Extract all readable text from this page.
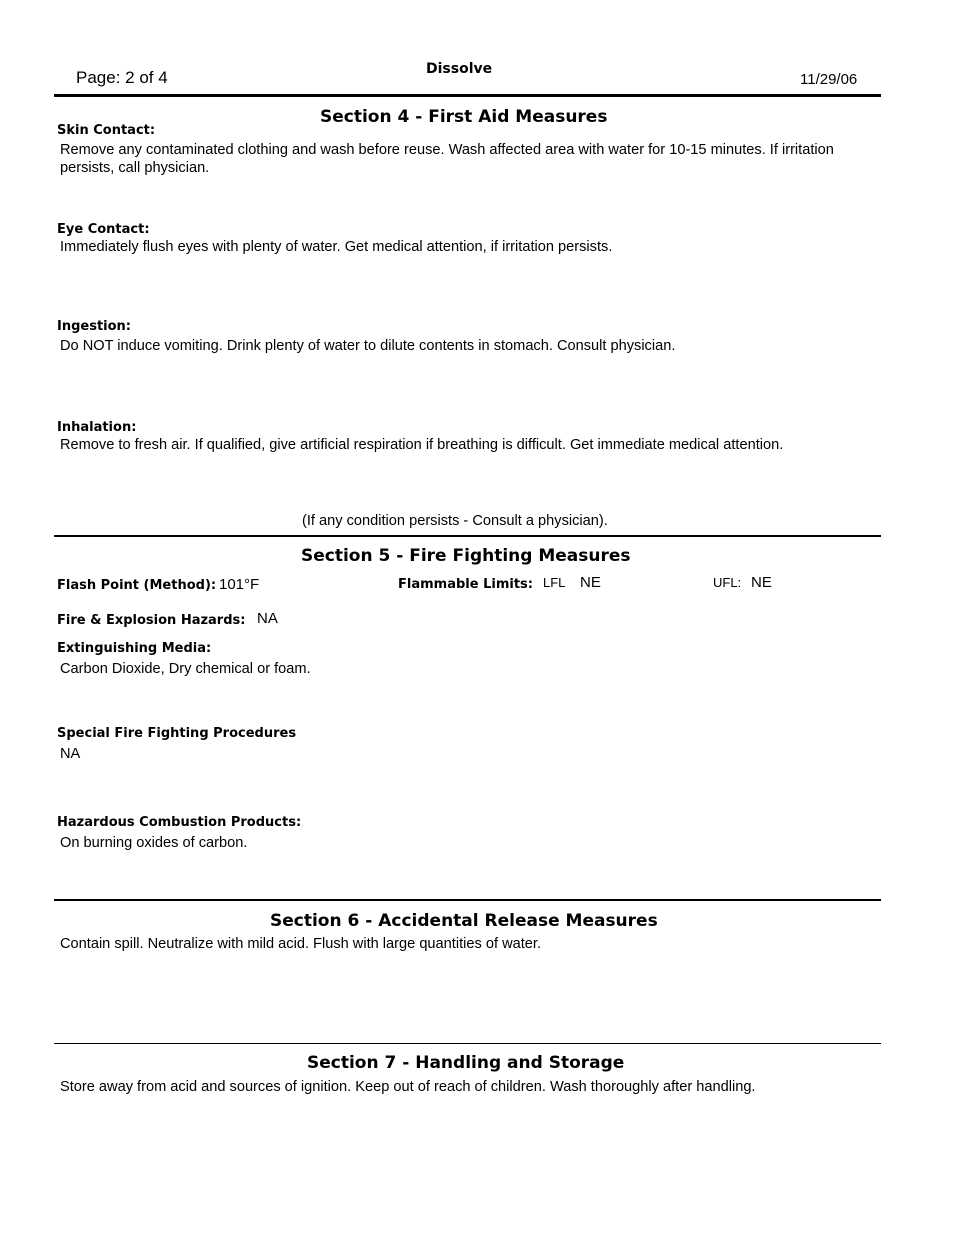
Page: 2 of 4	Dissolve
11/29/06
Section 4 - First Aid Measures
Skin Contact:
Remove any contaminated clothing and wash before reuse. Wash affected area with water for 10-15 minutes. If irritation persists, call physician.
Eye Contact:
Immediately flush eyes with plenty of water. Get medical attention, if irritation persists.
Ingestion:
Do NOT induce vomiting. Drink plenty of water to dilute contents in stomach. Consult physician.
Inhalation:
Remove to fresh air. If qualified, give artificial respiration if breathing is difficult. Get immediate medical attention.
(If any condition persists - Consult a physician).
Section 5 - Fire Fighting Measures
Flash Point (Method): 101°F	Flammable Limits: LFL NE	UFL: NE
Fire & Explosion Hazards: NA
Extinguishing Media:
Carbon Dioxide, Dry chemical or foam.
Special Fire Fighting Procedures
NA
Hazardous Combustion Products:
On burning oxides of carbon.
Section 6 - Accidental Release Measures
Contain spill. Neutralize with mild acid. Flush with large quantities of water.
Section 7 - Handling and Storage
Store away from acid and sources of ignition. Keep out of reach of children. Wash thoroughly after handling.
